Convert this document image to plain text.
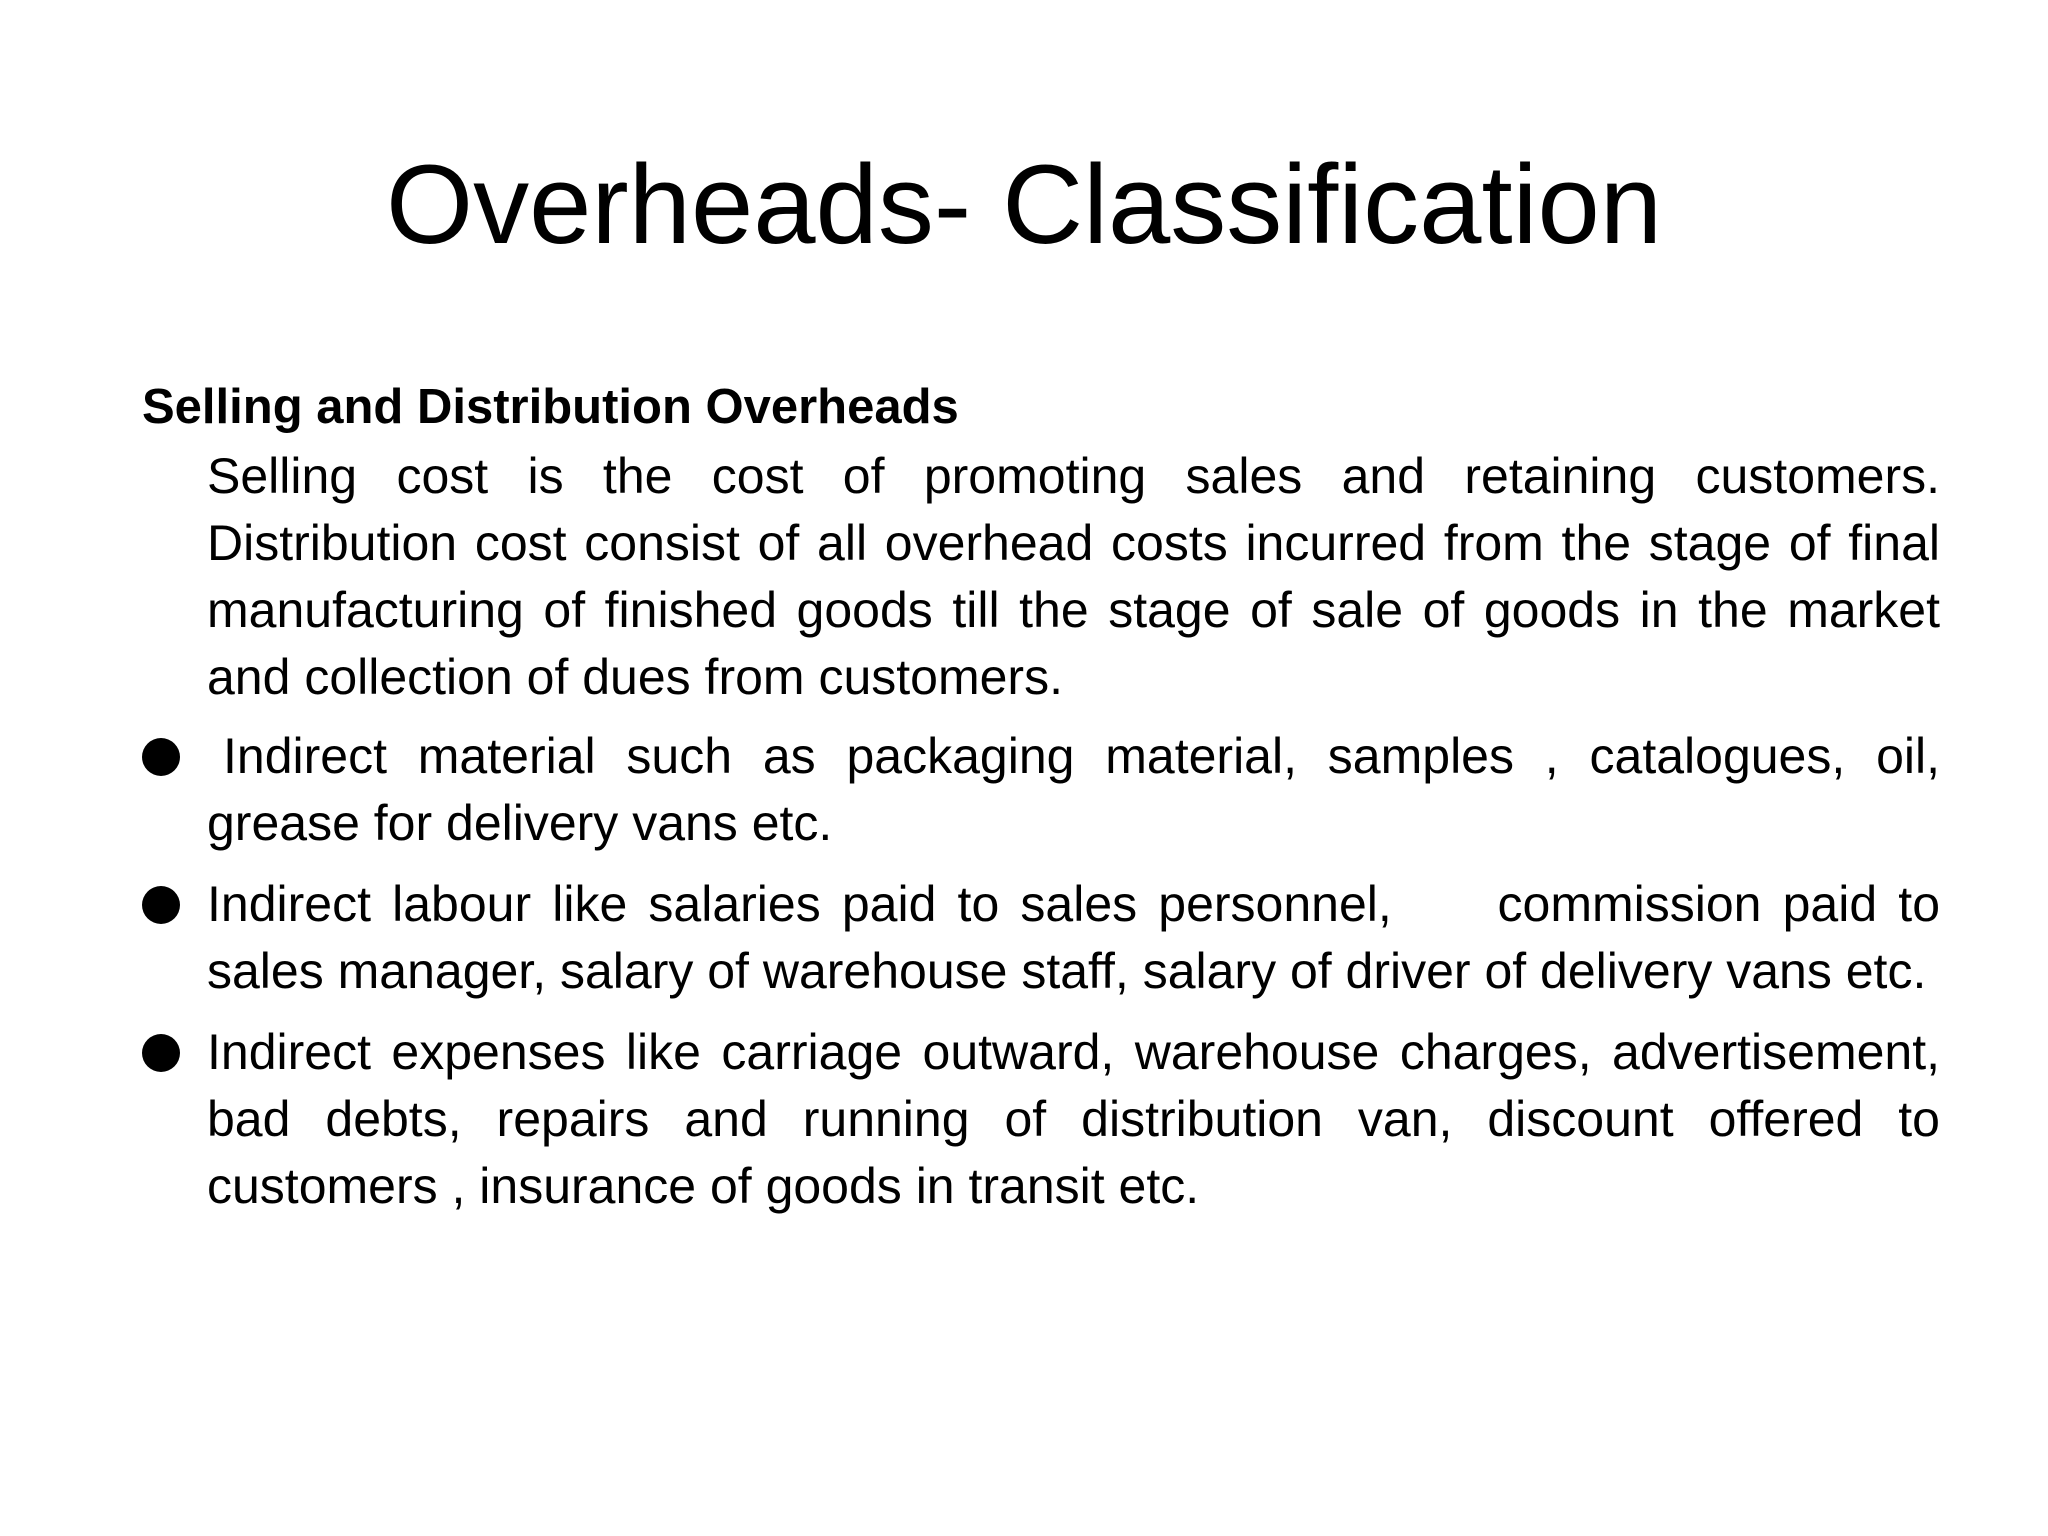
Overheads- Classification

Selling and Distribution Overheads

Selling cost is the cost of promoting sales and retaining customers. Distribution cost consist of all overhead costs incurred from the stage of final manufacturing of finished goods till the stage of sale of goods in the market and collection of dues from customers.

Indirect material such as packaging material, samples , catalogues, oil, grease for delivery vans etc.
Indirect labour like salaries paid to sales personnel,     commission paid to sales manager, salary of warehouse staff, salary of driver of delivery vans etc.
Indirect expenses like carriage outward, warehouse charges, advertisement, bad debts, repairs and running of distribution van, discount offered to customers , insurance of goods in transit etc.
